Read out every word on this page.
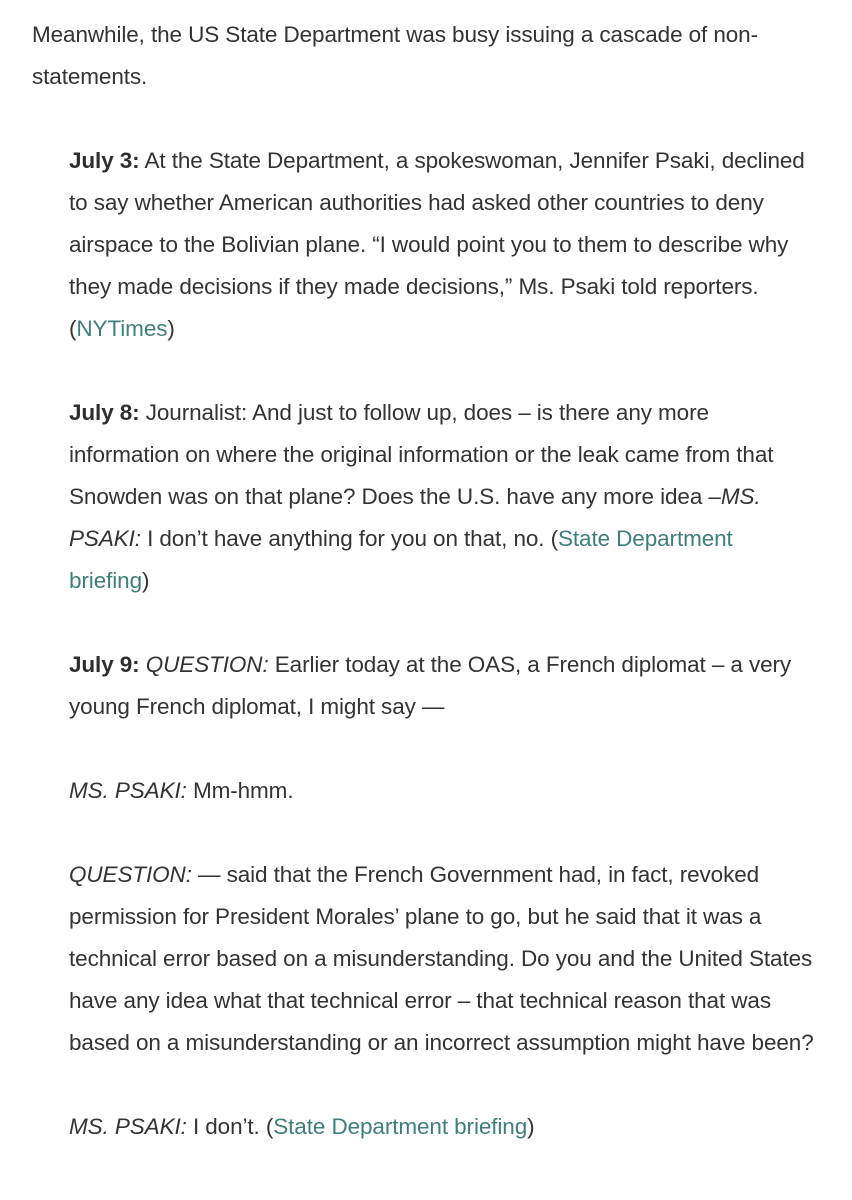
Meanwhile, the US State Department was busy issuing a cascade of non-statements.

July 3: At the State Department, a spokeswoman, Jennifer Psaki, declined to say whether American authorities had asked other countries to deny airspace to the Bolivian plane. “I would point you to them to describe why they made decisions if they made decisions,” Ms. Psaki told reporters. (NYTimes)

July 8: Journalist: And just to follow up, does – is there any more information on where the original information or the leak came from that Snowden was on that plane? Does the U.S. have any more idea –MS. PSAKI: I don’t have anything for you on that, no. (State Department briefing)

July 9: QUESTION: Earlier today at the OAS, a French diplomat – a very young French diplomat, I might say —

MS. PSAKI: Mm-hmm.

QUESTION: — said that the French Government had, in fact, revoked permission for President Morales’ plane to go, but he said that it was a technical error based on a misunderstanding. Do you and the United States have any idea what that technical error – that technical reason that was based on a misunderstanding or an incorrect assumption might have been?

MS. PSAKI: I don’t. (State Department briefing)
